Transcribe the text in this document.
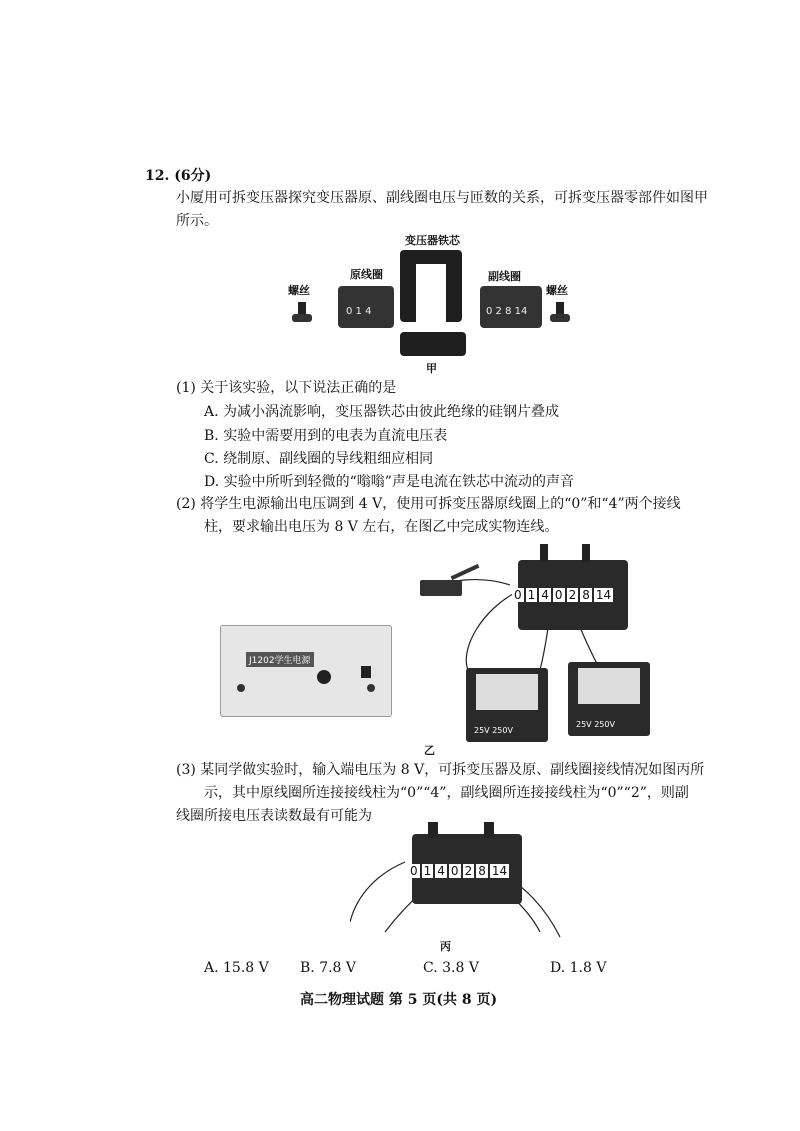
12. (6分)
小厦用可拆变压器探究变压器原、副线圈电压与匝数的关系，可拆变压器零部件如图甲
所示。
变压器铁芯
原线圈	副线圈
螺丝	螺丝
0 1 4	0 2 8 14
甲
(1) 关于该实验，以下说法正确的是
A. 为减小涡流影响，变压器铁芯由彼此绝缘的硅钢片叠成
B. 实验中需要用到的电表为直流电压表
C. 绕制原、副线圈的导线粗细应相同
D. 实验中所听到轻微的“嗡嗡”声是电流在铁芯中流动的声音
(2) 将学生电源输出电压调到 4 V，使用可拆变压器原线圈上的“0”和“4”两个接线
柱，要求输出电压为 8 V 左右，在图乙中完成实物连线。
0 1 4 0 2 8 14
J1202学生电源
25V 250V
25V 250V
乙
(3) 某同学做实验时，输入端电压为 8 V，可拆变压器及原、副线圈接线情况如图丙所
示，其中原线圈所连接接线柱为“0”“4”，副线圈所连接接线柱为“0”“2”，则副
线圈所接电压表读数最有可能为
0 1 4 0 2 8 14
丙
A. 15.8 V B. 7.8 V	C. 3.8 V	D. 1.8 V
高二物理试题 第 5 页(共 8 页)
